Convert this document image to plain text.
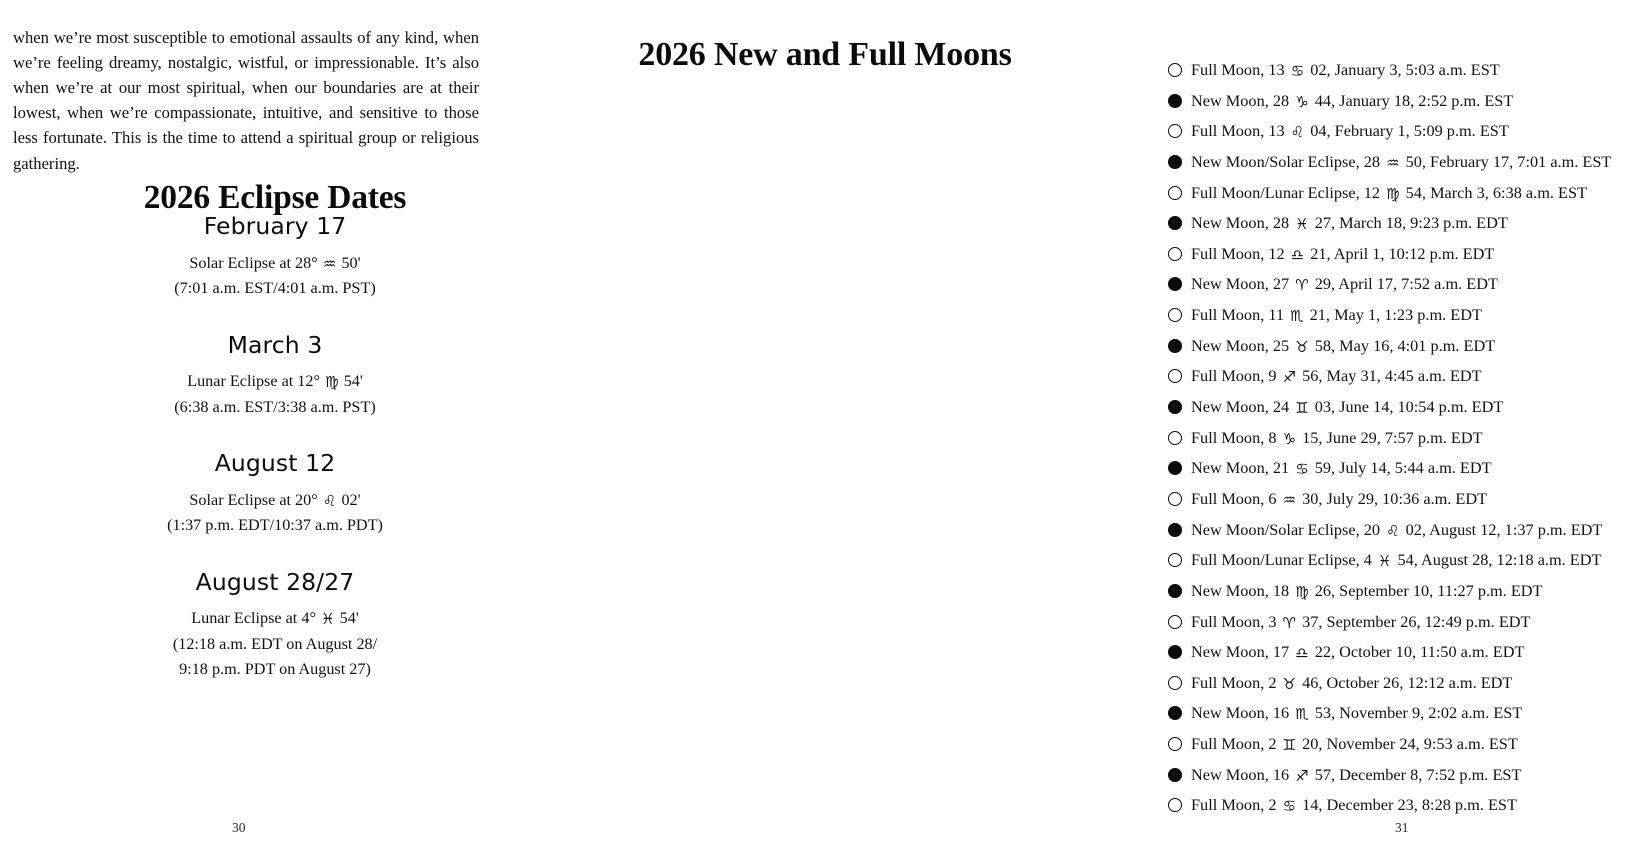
when we’re most susceptible to emotional assaults of any kind, when we’re feeling dreamy, nostalgic, wistful, or impressionable. It’s also when we’re at our most spiritual, when our boundaries are at their lowest, when we’re compassionate, intuitive, and sensitive to those less fortunate. This is the time to attend a spiritual group or religious gathering.

2026 Eclipse Dates
February 17
Solar Eclipse at 28° ♒ 50'
(7:01 a.m. EST/4:01 a.m. PST)
March 3
Lunar Eclipse at 12° ♍ 54'
(6:38 a.m. EST/3:38 a.m. PST)
August 12
Solar Eclipse at 20° ♌ 02'
(1:37 p.m. EDT/10:37 a.m. PDT)
August 28/27
Lunar Eclipse at 4° ♓ 54'
(12:18 a.m. EDT on August 28/
9:18 p.m. PDT on August 27)
30
Full Moon, 13 ♋ 02, January 3, 5:03 a.m. EST
New Moon, 28 ♑ 44, January 18, 2:52 p.m. EST
Full Moon, 13 ♌ 04, February 1, 5:09 p.m. EST
New Moon/Solar Eclipse, 28 ♒ 50, February 17, 7:01 a.m. EST
Full Moon/Lunar Eclipse, 12 ♍ 54, March 3, 6:38 a.m. EST
New Moon, 28 ♓ 27, March 18, 9:23 p.m. EDT
Full Moon, 12 ♎ 21, April 1, 10:12 p.m. EDT
New Moon, 27 ♈ 29, April 17, 7:52 a.m. EDT
Full Moon, 11 ♏ 21, May 1, 1:23 p.m. EDT
New Moon, 25 ♉ 58, May 16, 4:01 p.m. EDT
Full Moon, 9 ♐ 56, May 31, 4:45 a.m. EDT
New Moon, 24 ♊ 03, June 14, 10:54 p.m. EDT
Full Moon, 8 ♑ 15, June 29, 7:57 p.m. EDT
New Moon, 21 ♋ 59, July 14, 5:44 a.m. EDT
Full Moon, 6 ♒ 30, July 29, 10:36 a.m. EDT
New Moon/Solar Eclipse, 20 ♌ 02, August 12, 1:37 p.m. EDT
Full Moon/Lunar Eclipse, 4 ♓ 54, August 28, 12:18 a.m. EDT
New Moon, 18 ♍ 26, September 10, 11:27 p.m. EDT
Full Moon, 3 ♈ 37, September 26, 12:49 p.m. EDT
New Moon, 17 ♎ 22, October 10, 11:50 a.m. EDT
Full Moon, 2 ♉ 46, October 26, 12:12 a.m. EDT
New Moon, 16 ♏ 53, November 9, 2:02 a.m. EST
Full Moon, 2 ♊ 20, November 24, 9:53 a.m. EST
New Moon, 16 ♐ 57, December 8, 7:52 p.m. EST
Full Moon, 2 ♋ 14, December 23, 8:28 p.m. EST
31
2026 New and Full Moons
